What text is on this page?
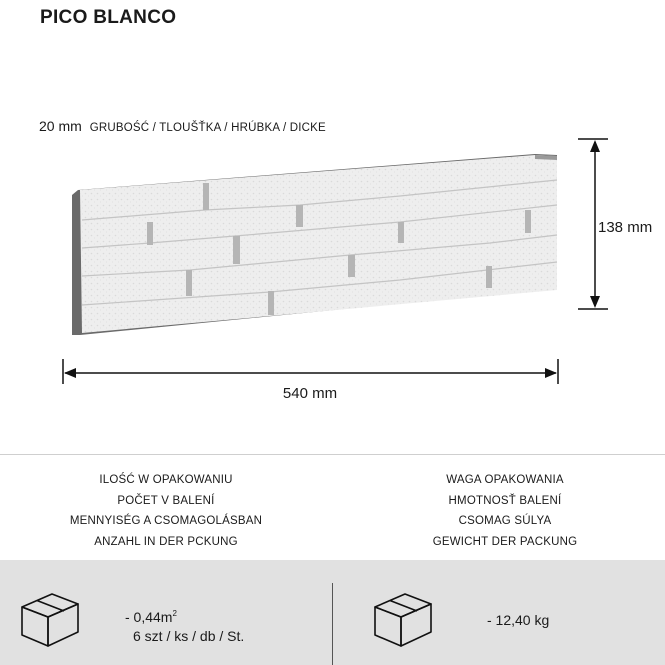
PICO BLANCO
20 mm GRUBOŚĆ / TLOUŠŤKA / HRÚBKA / DICKE
138 mm
540 mm
ILOŚĆ W OPAKOWANIU
POČET V BALENÍ
MENNYISÉG A CSOMAGOLÁSBAN
ANZAHL IN DER PCKUNG
WAGA OPAKOWANIA
HMOTNOSŤ BALENÍ
CSOMAG SÚLYA
GEWICHT DER PACKUNG
- $0,44m^2$
6 szt / ks / db / St.
- 12,40 kg
